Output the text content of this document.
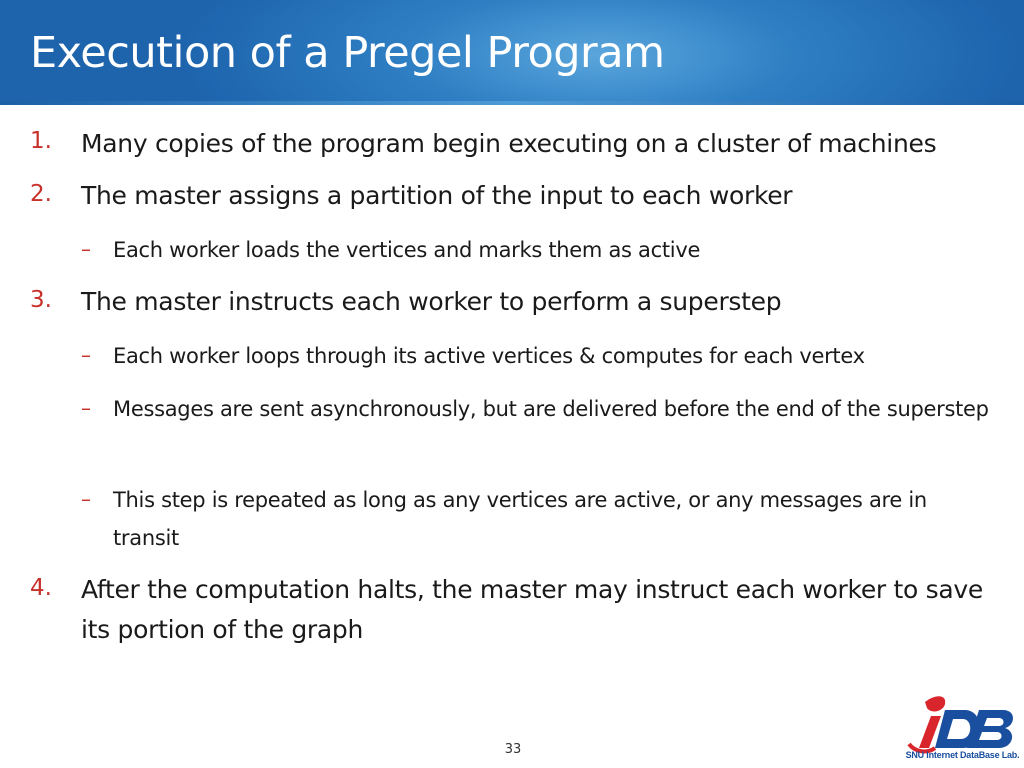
Execution of a Pregel Program
1. Many copies of the program begin executing on a cluster of machines
2. The master assigns a partition of the input to each worker
– Each worker loads the vertices and marks them as active
3. The master instructs each worker to perform a superstep
– Each worker loops through its active vertices & computes for each vertex
– Messages are sent asynchronously, but are delivered before the end of the superstep
– This step is repeated as long as any vertices are active, or any messages are in transit
4. After the computation halts, the master may instruct each worker to save its portion of the graph
33	SNU Internet DataBase Lab.
